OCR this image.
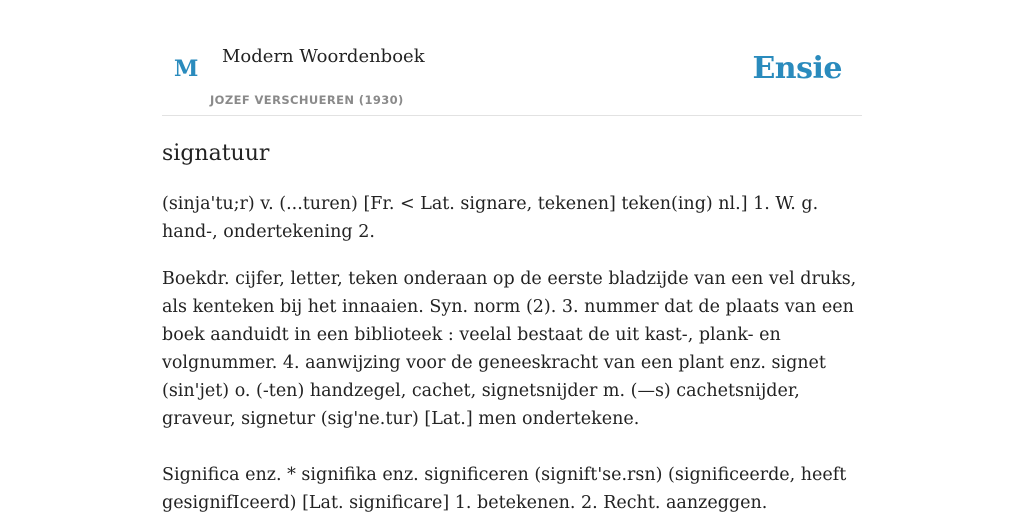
M Modern Woordenboek
JOZEF VERSCHUEREN (1930)
Ensie
signatuur

(sinja'tu;r) v. (...turen) [Fr. < Lat. signare, tekenen] teken(ing) nl.] 1. W. g. hand-, ondertekening 2.

Boekdr. cijfer, letter, teken onderaan op de eerste bladzijde van een vel druks, als kenteken bij het innaaien. Syn. norm (2). 3. nummer dat de plaats van een boek aanduidt in een biblioteek : veelal bestaat de uit kast-, plank- en volgnummer. 4. aanwijzing voor de geneeskracht van een plant enz. signet (sin'jet) o. (-ten) handzegel, cachet, signetsnijder m. (—s) cachetsnijder, graveur, signetur (sig'ne.tur) [Lat.] men ondertekene.

Significa enz. * signifika enz. significeren (signift'se.rsn) (significeerde, heeft gesignifIceerd) [Lat. significare] 1. betekenen. 2. Recht. aanzeggen.
